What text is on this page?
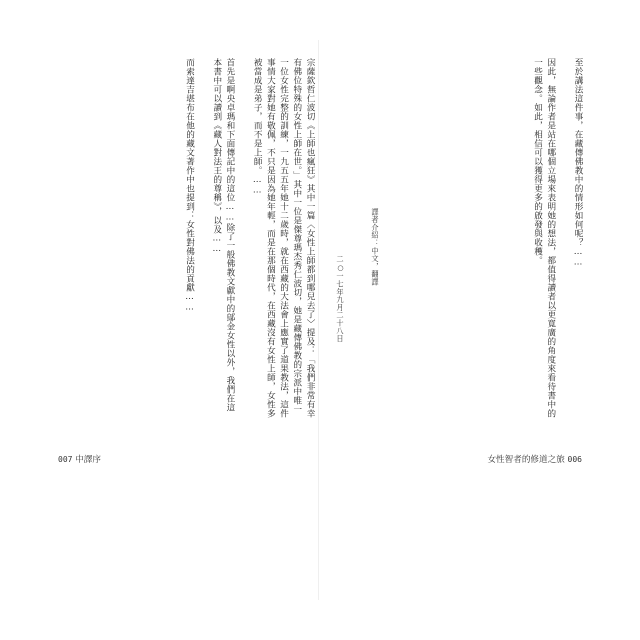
宗薩欽哲仁波切《上師也瘋狂》其中一篇〈女性上師都到哪兒去了〉提及：「我們非常有幸有佛位特殊的女性上師在世。」其中一位是傑尊瑪杰秀仁波切，她是藏傳佛教的宗派中唯一一位女性完整的訓練，一九五五年她十二歲時，就在西藏的大法會上應實了道果教法，這件事情大家對她有敬佩，不只是因為她年輕，而是在那個時代，在西藏沒有女性上師，女性多被當成是弟子，而不是上師。……

首先是啊央卓瑪和下面傳記中的這位……除了一般佛教文獻中的鄔金女性以外，我們在這本書中可以讀到《藏人對法王的尊稱》，以及……

而索達吉堪布在他的藏文著作中也提到：女性對佛法的貢獻……	至於講法這件事，在藏傳佛教中的情形如何呢？……

因此，無論作者是站在哪個立場來表明她的想法，都值得讀者以更寬廣的角度來看待書中的一些觀念。如此，相信可以獲得更多的啟發與收穫。

譯者介紹：中文，翻譯
二○一七年九月二十八日
007 中譯序	女性智者的修道之旅 006
